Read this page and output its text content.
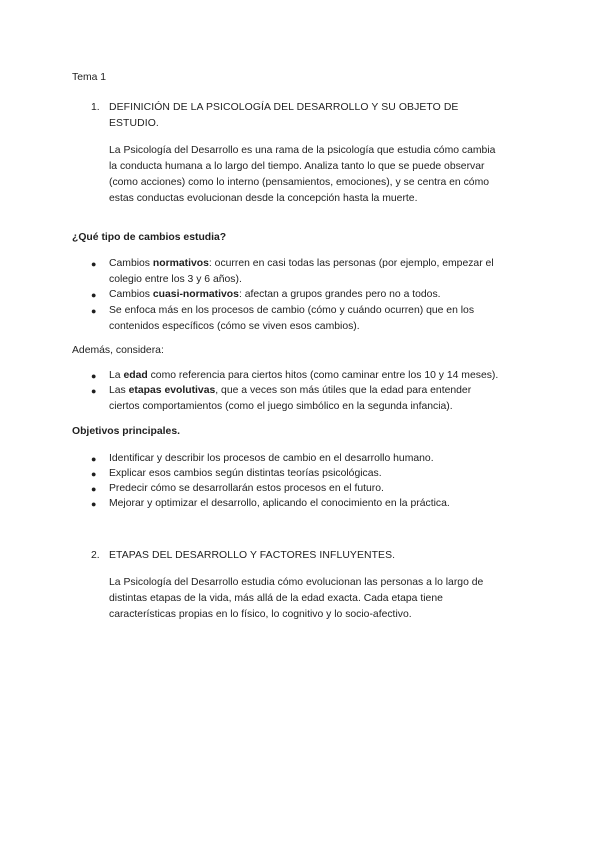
Tema 1
1. DEFINICIÓN DE LA PSICOLOGÍA DEL DESARROLLO Y SU OBJETO DE
ESTUDIO.
La Psicología del Desarrollo es una rama de la psicología que estudia cómo cambia
la conducta humana a lo largo del tiempo. Analiza tanto lo que se puede observar
(como acciones) como lo interno (pensamientos, emociones), y se centra en cómo
estas conductas evolucionan desde la concepción hasta la muerte.
¿Qué tipo de cambios estudia?
● Cambios normativos: ocurren en casi todas las personas (por ejemplo, empezar el
colegio entre los 3 y 6 años).
● Cambios cuasi-normativos: afectan a grupos grandes pero no a todos.
● Se enfoca más en los procesos de cambio (cómo y cuándo ocurren) que en los
contenidos específicos (cómo se viven esos cambios).
Además, considera:
● La edad como referencia para ciertos hitos (como caminar entre los 10 y 14 meses).
● Las etapas evolutivas, que a veces son más útiles que la edad para entender
ciertos comportamientos (como el juego simbólico en la segunda infancia).
Objetivos principales.
● Identificar y describir los procesos de cambio en el desarrollo humano.
● Explicar esos cambios según distintas teorías psicológicas.
● Predecir cómo se desarrollarán estos procesos en el futuro.
● Mejorar y optimizar el desarrollo, aplicando el conocimiento en la práctica.
2. ETAPAS DEL DESARROLLO Y FACTORES INFLUYENTES.
La Psicología del Desarrollo estudia cómo evolucionan las personas a lo largo de
distintas etapas de la vida, más allá de la edad exacta. Cada etapa tiene
características propias en lo físico, lo cognitivo y lo socio-afectivo.
